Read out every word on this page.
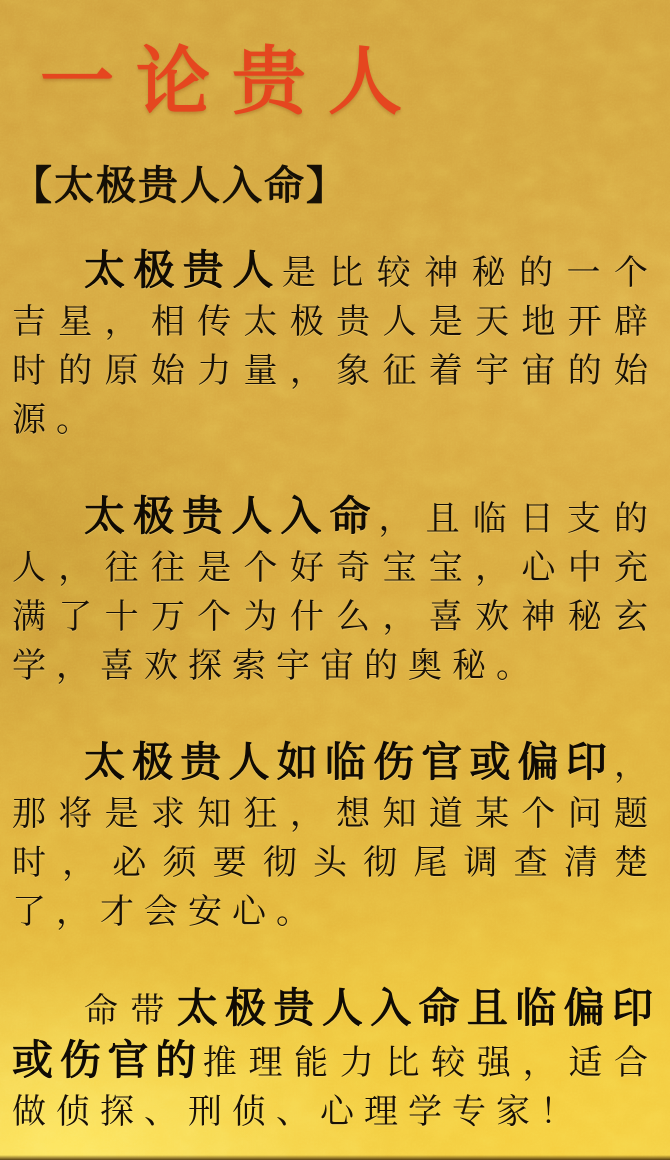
一论贵人
【太极贵人入命】

太极贵人是比较神秘的一个吉星，相传太极贵人是天地开辟时的原始力量，象征着宇宙的始源。

太极贵人入命，且临日支的人，往往是个好奇宝宝，心中充满了十万个为什么，喜欢神秘玄学，喜欢探索宇宙的奥秘。

太极贵人如临伤官或偏印，那将是求知狂，想知道某个问题时，必须要彻头彻尾调查清楚了，才会安心。

命带太极贵人入命且临偏印或伤官的推理能力比较强，适合做侦探、刑侦、心理学专家！
